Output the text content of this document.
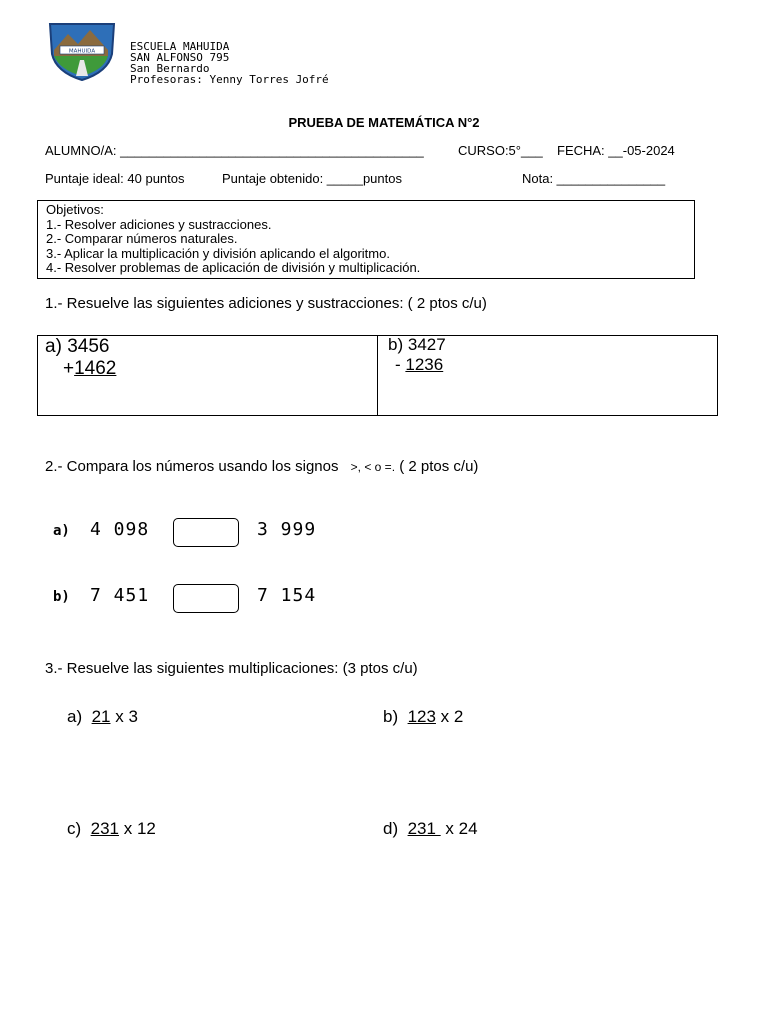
MAHUIDA	ESCUELA MAHUIDA
SAN ALFONSO 795
San Bernardo
Profesoras: Yenny Torres Jofré
PRUEBA DE MATEMÁTICA N°2
ALUMNO/A: __________________________________________	CURSO:5°___ FECHA: __-05-2024
Puntaje ideal: 40 puntos	Puntaje obtenido: _____puntos	Nota: _______________
Objetivos:
1.- Resolver adiciones y sustracciones.
2.- Comparar números naturales.
3.- Aplicar la multiplicación y división aplicando el algoritmo.
4.- Resolver problemas de aplicación de división y multiplicación.
1.- Resuelve las siguientes adiciones y sustracciones: ( 2 ptos c/u)
a) 3456
+1462
b) 3427
- 1236
2.- Compara los números usando los signos >, < o =. ( 2 ptos c/u)
a) 4 098	3 999
b) 7 451	7 154
3.- Resuelve las siguientes multiplicaciones: (3 ptos c/u)
a) 21 x 3	b) 123 x 2
c) 231 x 12	d) 231  x 24
